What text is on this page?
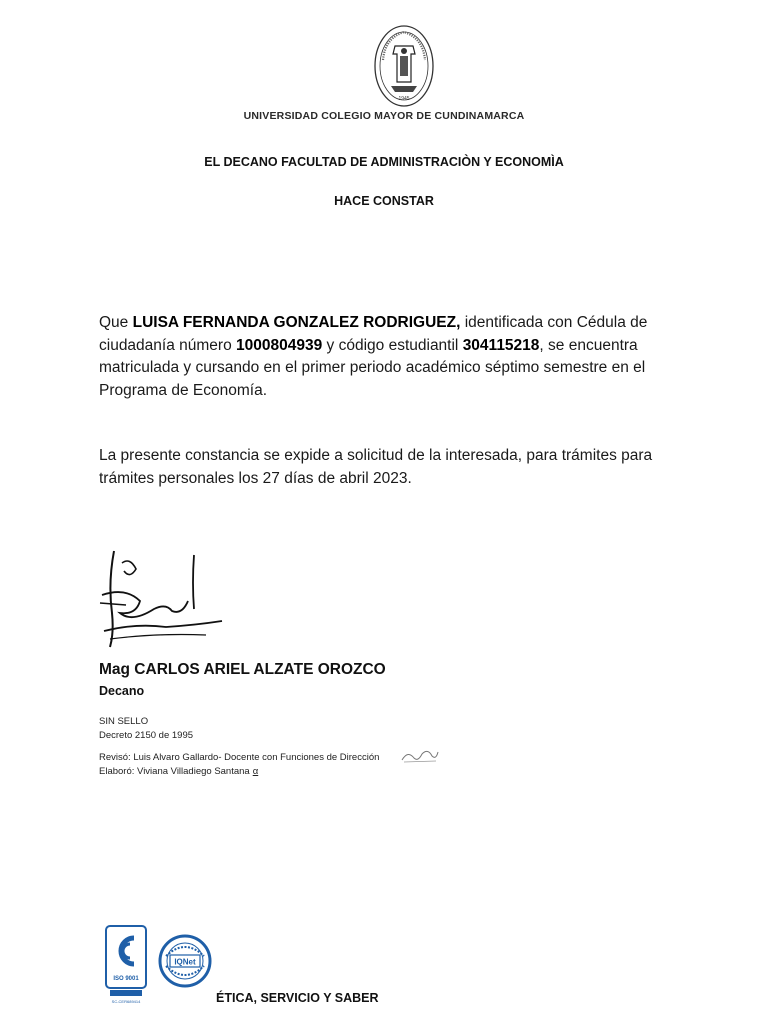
1945
UNIVERSIDAD COLEGIO MAYOR DE CUNDINAMARCA
EL DECANO FACULTAD DE ADMINISTRACIÒN Y ECONOMÌA
HACE CONSTAR
Que LUISA FERNANDA GONZALEZ RODRIGUEZ, identificada con Cédula de ciudadanía número 1000804939 y código estudiantil 304115218, se encuentra matriculada y cursando en el primer periodo académico séptimo semestre en el Programa de Economía.
La presente constancia se expide a solicitud de la interesada, para trámites para trámites personales los 27 días de abril 2023.
Mag CARLOS ARIEL ALZATE OROZCO
Decano
SIN SELLO
Decreto 2150 de 1995
Revisó: Luis Alvaro Gallardo- Docente con Funciones de Dirección
Elaboró: Viviana Villadiego Santana α
ISO 9001
SC-CER689414
IQNet
ÉTICA, SERVICIO Y SABER
